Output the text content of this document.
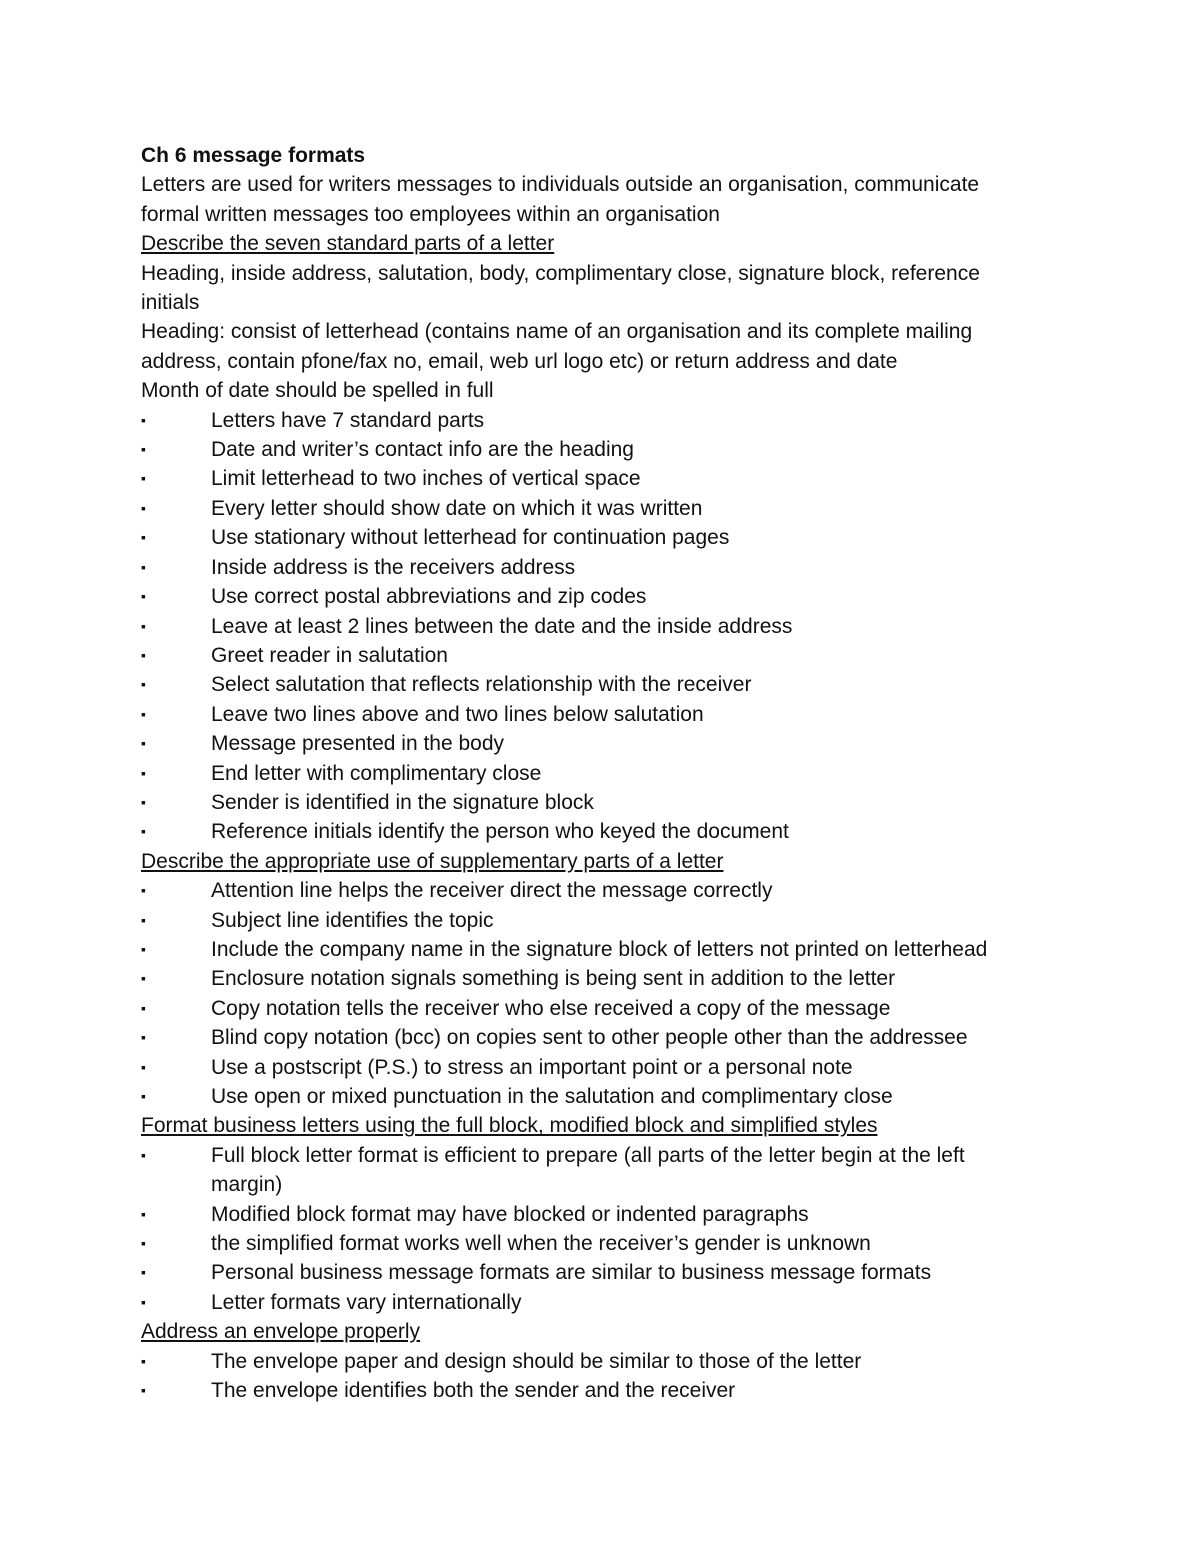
Ch 6 message formats

Letters are used for writers messages to individuals outside an organisation, communicate formal written messages too employees within an organisation

Describe the seven standard parts of a letter

Heading, inside address, salutation, body, complimentary close, signature block, reference initials

Heading: consist of letterhead (contains name of an organisation and its complete mailing address, contain pfone/fax no, email, web url logo etc) or return address and date

Month of date should be spelled in full

▪	Letters have 7 standard parts

▪	Date and writer’s contact info are the heading

▪	Limit letterhead to two inches of vertical space

▪	Every letter should show date on which it was written

▪	Use stationary without letterhead for continuation pages

▪	Inside address is the receivers address

▪	Use correct postal abbreviations and zip codes

▪	Leave at least 2 lines between the date and the inside address

▪	Greet reader in salutation

▪	Select salutation that reflects relationship with the receiver

▪	Leave two lines above and two lines below salutation

▪	Message presented in the body

▪	End letter with complimentary close

▪	Sender is identified in the signature block

▪	Reference initials identify the person who keyed the document

Describe the appropriate use of supplementary parts of a letter

▪	Attention line helps the receiver direct the message correctly

▪	Subject line identifies the topic

▪	Include the company name in the signature block of letters not printed on letterhead

▪	Enclosure notation signals something is being sent in addition to the letter

▪	Copy notation tells the receiver who else received a copy of the message

▪	Blind copy notation (bcc) on copies sent to other people other than the addressee

▪	Use a postscript (P.S.) to stress an important point or a personal note

▪	Use open or mixed punctuation in the salutation and complimentary close

Format business letters using the full block, modified block and simplified styles

▪	Full block letter format is efficient to prepare (all parts of the letter begin at the left margin)

▪	Modified block format may have blocked or indented paragraphs

▪	the simplified format works well when the receiver’s gender is unknown

▪	Personal business message formats are similar to business message formats

▪	Letter formats vary internationally

Address an envelope properly

▪	The envelope paper and design should be similar to those of the letter

▪	The envelope identifies both the sender and the receiver
